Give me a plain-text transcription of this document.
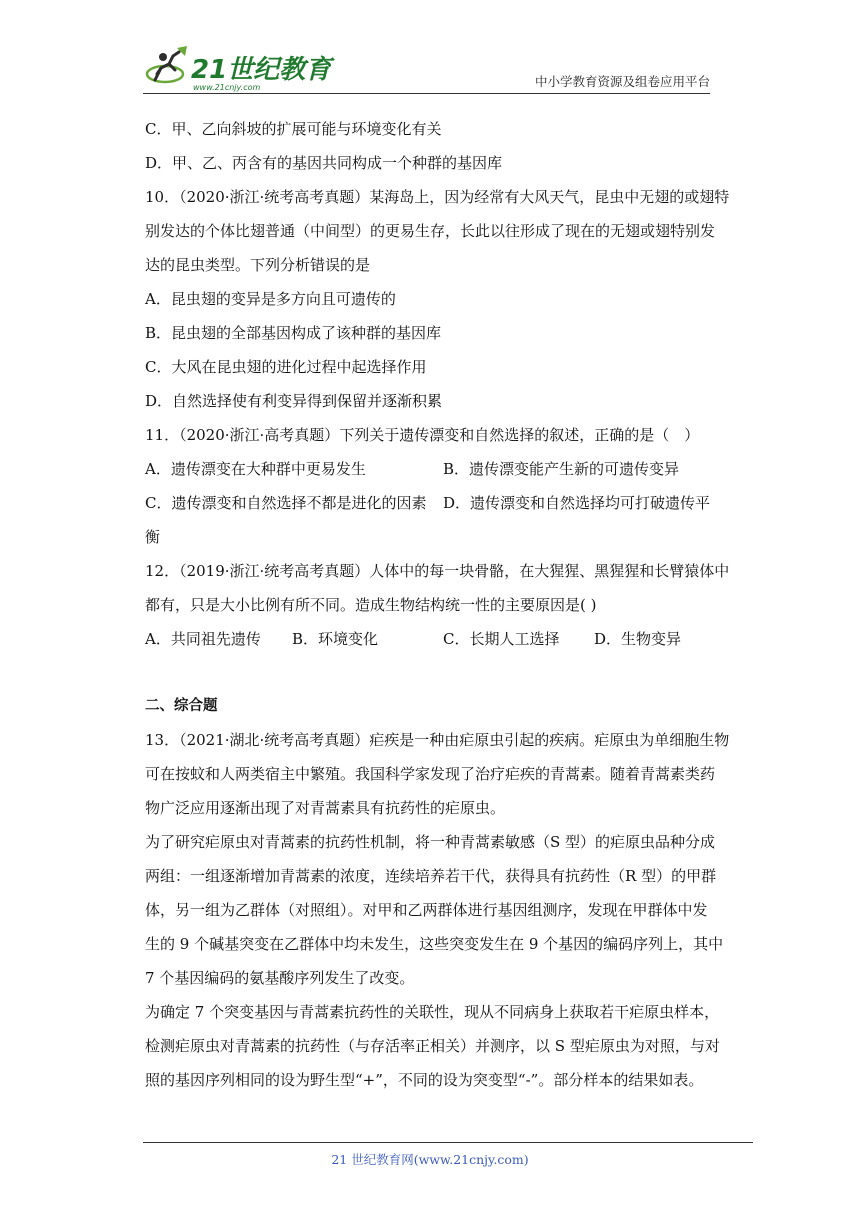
21世纪教育
www.21cnjy.com	中小学教育资源及组卷应用平台
C．甲、乙向斜坡的扩展可能与环境变化有关
D．甲、乙、丙含有的基因共同构成一个种群的基因库
10．（2020·浙江·统考高考真题）某海岛上，因为经常有大风天气，昆虫中无翅的或翅特
别发达的个体比翅普通（中间型）的更易生存，长此以往形成了现在的无翅或翅特别发
达的昆虫类型。下列分析错误的是
A．昆虫翅的变异是多方向且可遗传的
B．昆虫翅的全部基因构成了该种群的基因库
C．大风在昆虫翅的进化过程中起选择作用
D．自然选择使有利变异得到保留并逐渐积累
11．（2020·浙江·高考真题）下列关于遗传漂变和自然选择的叙述，正确的是（　）
A．遗传漂变在大种群中更易发生	B．遗传漂变能产生新的可遗传变异
C．遗传漂变和自然选择不都是进化的因素	D．遗传漂变和自然选择均可打破遗传平
衡
12．（2019·浙江·统考高考真题）人体中的每一块骨骼，在大猩猩、黑猩猩和长臂猿体中
都有，只是大小比例有所不同。造成生物结构统一性的主要原因是( )
A．共同祖先遗传	B．环境变化	C．长期人工选择	D．生物变异
二、综合题
13．（2021·湖北·统考高考真题）疟疾是一种由疟原虫引起的疾病。疟原虫为单细胞生物
可在按蚊和人两类宿主中繁殖。我国科学家发现了治疗疟疾的青蒿素。随着青蒿素类药
物广泛应用逐渐出现了对青蒿素具有抗药性的疟原虫。
为了研究疟原虫对青蒿素的抗药性机制，将一种青蒿素敏感（S 型）的疟原虫品种分成
两组：一组逐渐增加青蒿素的浓度，连续培养若干代，获得具有抗药性（R 型）的甲群
体，另一组为乙群体（对照组）。对甲和乙两群体进行基因组测序，发现在甲群体中发
生的 9 个碱基突变在乙群体中均未发生，这些突变发生在 9 个基因的编码序列上，其中
7 个基因编码的氨基酸序列发生了改变。
为确定 7 个突变基因与青蒿素抗药性的关联性，现从不同病身上获取若干疟原虫样本，
检测疟原虫对青蒿素的抗药性（与存活率正相关）并测序，以 S 型疟原虫为对照，与对
照的基因序列相同的设为野生型“+”，不同的设为突变型“-”。部分样本的结果如表。
21 世纪教育网(www.21cnjy.com)
